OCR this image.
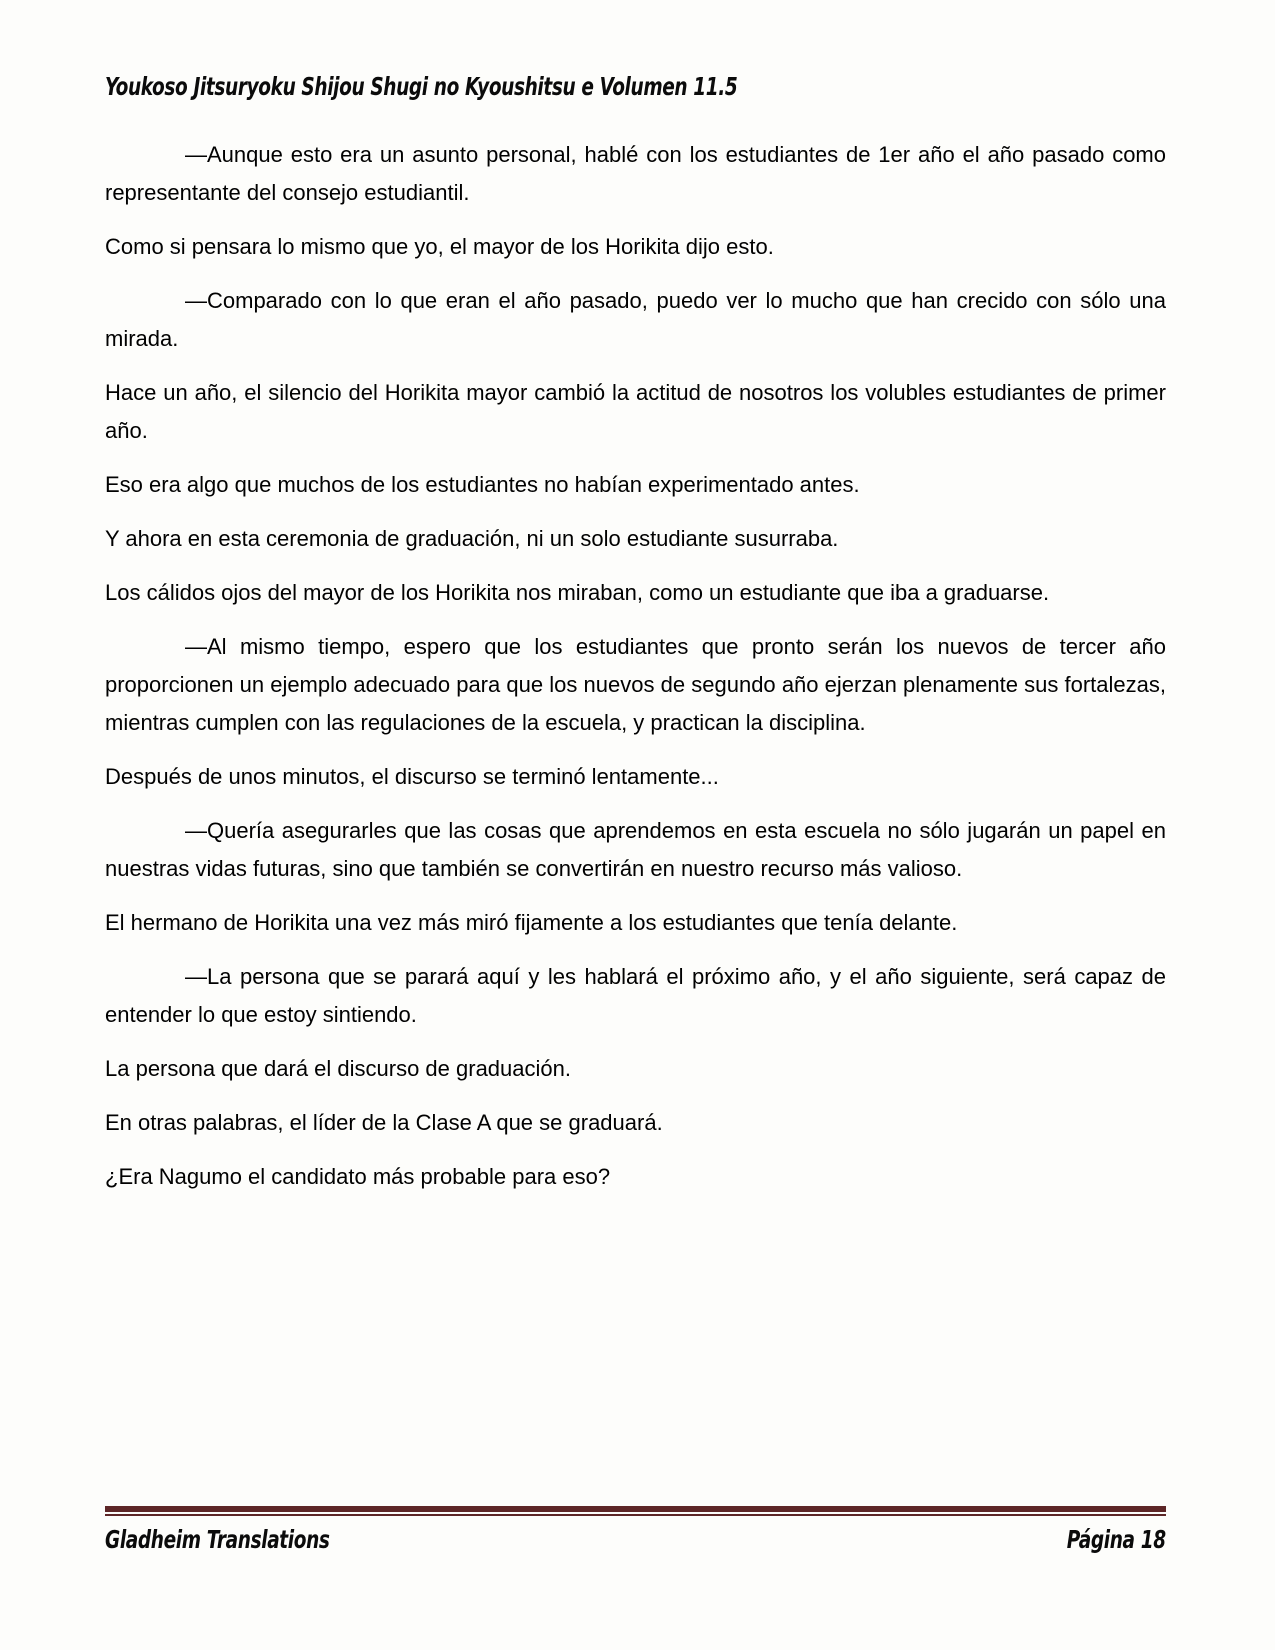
Youkoso Jitsuryoku Shijou Shugi no Kyoushitsu e Volumen 11.5

—Aunque esto era un asunto personal, hablé con los estudiantes de 1er año el año pasado como representante del consejo estudiantil.

Como si pensara lo mismo que yo, el mayor de los Horikita dijo esto.

—Comparado con lo que eran el año pasado, puedo ver lo mucho que han crecido con sólo una mirada.

Hace un año, el silencio del Horikita mayor cambió la actitud de nosotros los volubles estudiantes de primer año.

Eso era algo que muchos de los estudiantes no habían experimentado antes.

Y ahora en esta ceremonia de graduación, ni un solo estudiante susurraba.

Los cálidos ojos del mayor de los Horikita nos miraban, como un estudiante que iba a graduarse.

—Al mismo tiempo, espero que los estudiantes que pronto serán los nuevos de tercer año proporcionen un ejemplo adecuado para que los nuevos de segundo año ejerzan plenamente sus fortalezas, mientras cumplen con las regulaciones de la escuela, y practican la disciplina.

Después de unos minutos, el discurso se terminó lentamente...

—Quería asegurarles que las cosas que aprendemos en esta escuela no sólo jugarán un papel en nuestras vidas futuras, sino que también se convertirán en nuestro recurso más valioso.

El hermano de Horikita una vez más miró fijamente a los estudiantes que tenía delante.

—La persona que se parará aquí y les hablará el próximo año, y el año siguiente, será capaz de entender lo que estoy sintiendo.

La persona que dará el discurso de graduación.

En otras palabras, el líder de la Clase A que se graduará.

¿Era Nagumo el candidato más probable para eso?

Gladheim Translations	Página 18
